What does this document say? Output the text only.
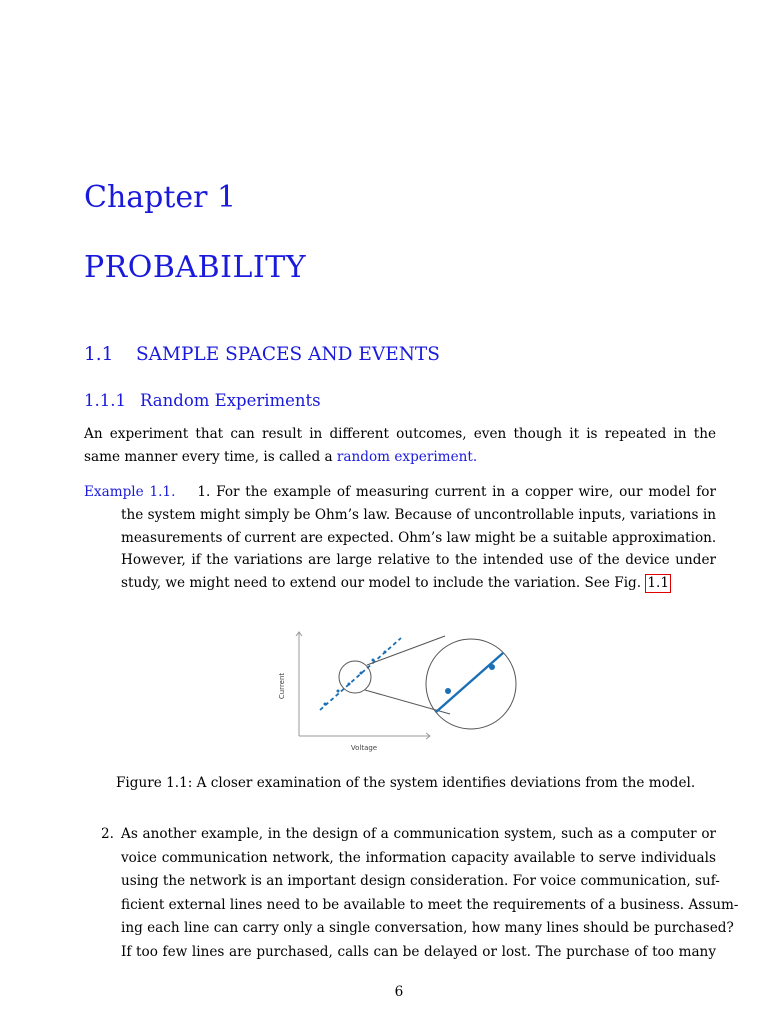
Chapter 1
PROBABILITY
1.1 SAMPLE SPACES AND EVENTS
1.1.1 Random Experiments

An experiment that can result in different outcomes, even though it is repeated in the same manner every time, is called a random experiment.

Example 1.1. 1. For the example of measuring current in a copper wire, our model for
the system might simply be Ohm’s law. Because of uncontrollable inputs, variations in
measurements of current are expected. Ohm’s law might be a suitable approximation.
However, if the variations are large relative to the intended use of the device under
study, we might need to extend our model to include the variation. See Fig. 1.1
Current
Voltage

Figure 1.1: A closer examination of the system identifies deviations from the model.

2. As another example, in the design of a communication system, such as a computer or
voice communication network, the information capacity available to serve individuals
using the network is an important design consideration. For voice communication, suf-
ficient external lines need to be available to meet the requirements of a business. Assum-
ing each line can carry only a single conversation, how many lines should be purchased?
If too few lines are purchased, calls can be delayed or lost. The purchase of too many
6
